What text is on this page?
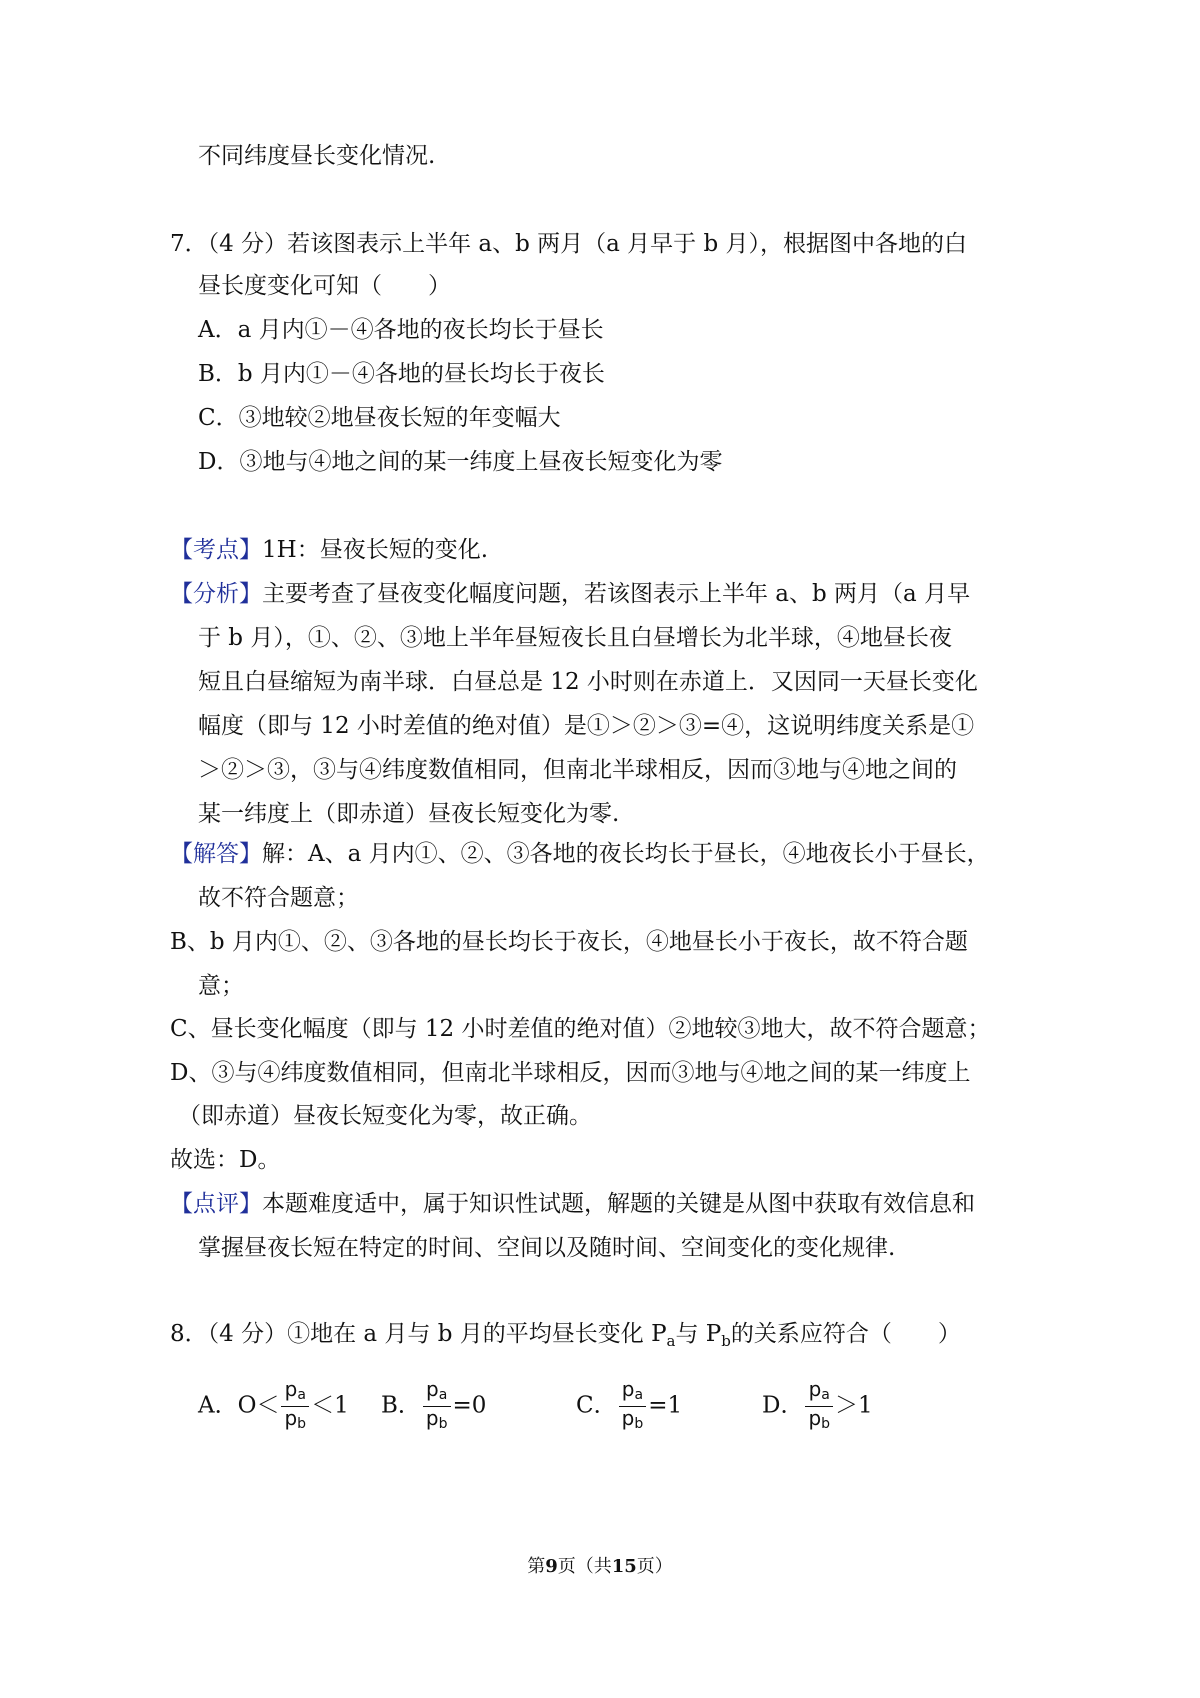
不同纬度昼长变化情况.
7．（4 分）若该图表示上半年 a、b 两月（a 月早于 b 月），根据图中各地的白
昼长度变化可知（　　）
A．a 月内①－④各地的夜长均长于昼长
B．b 月内①－④各地的昼长均长于夜长
C．③地较②地昼夜长短的年变幅大
D．③地与④地之间的某一纬度上昼夜长短变化为零
【考点】1H：昼夜长短的变化.
【分析】主要考查了昼夜变化幅度问题，若该图表示上半年 a、b 两月（a 月早
于 b 月），①、②、③地上半年昼短夜长且白昼增长为北半球，④地昼长夜
短且白昼缩短为南半球．白昼总是 12 小时则在赤道上．又因同一天昼长变化
幅度（即与 12 小时差值的绝对值）是①＞②＞③=④，这说明纬度关系是①
＞②＞③，③与④纬度数值相同，但南北半球相反，因而③地与④地之间的
某一纬度上（即赤道）昼夜长短变化为零.
【解答】解：A、a 月内①、②、③各地的夜长均长于昼长，④地夜长小于昼长，
故不符合题意；
B、b 月内①、②、③各地的昼长均长于夜长，④地昼长小于夜长，故不符合题
意；
C、昼长变化幅度（即与 12 小时差值的绝对值）②地较③地大，故不符合题意；
D、③与④纬度数值相同，但南北半球相反，因而③地与④地之间的某一纬度上
（即赤道）昼夜长短变化为零，故正确。
故选：D。
【点评】本题难度适中，属于知识性试题，解题的关键是从图中获取有效信息和
掌握昼夜长短在特定的时间、空间以及随时间、空间变化的变化规律.
8．（4 分）①地在 a 月与 b 月的平均昼长变化 $P_a$与 $P_b$的关系应符合（　　）
A．$O< \frac{pa}{pb} <1$ B． $\frac{pa}{pb} =0$	C． $\frac{pa}{pb} =1$	D． $\frac{pa}{pb} >1$
第9页（共15页）
